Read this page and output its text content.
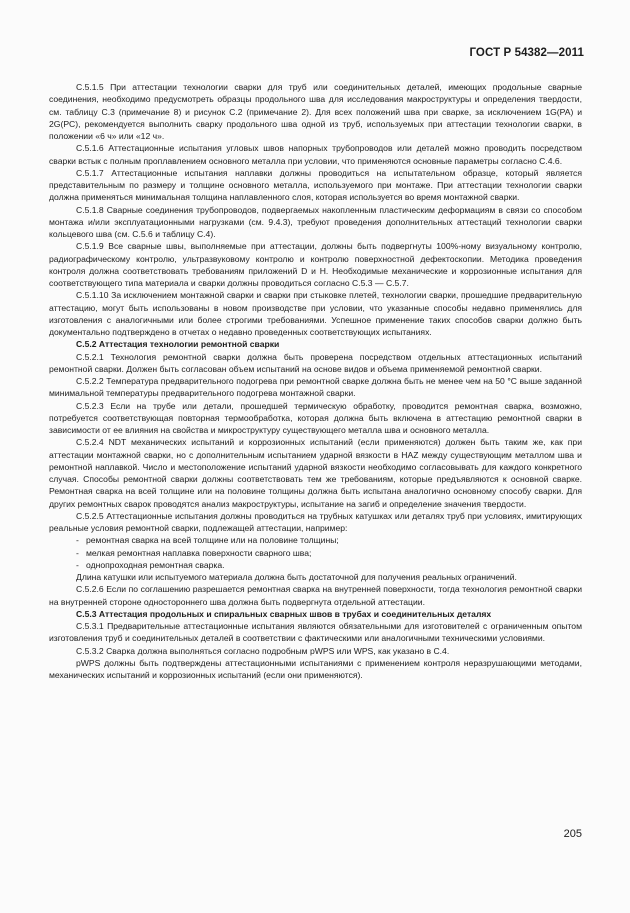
ГОСТ Р 54382—2011

C.5.1.5 При аттестации технологии сварки для труб или соединительных деталей, имеющих продольные сварные соединения, необходимо предусмотреть образцы продольного шва для исследования макроструктуры и определения твердости, см. таблицу C.3 (примечание 8) и рисунок C.2 (примечание 2). Для всех положений шва при сварке, за исключением 1G(PA) и 2G(PC), рекомендуется выполнить сварку продольного шва одной из труб, используемых при аттестации технологии сварки, в положении «6 ч» или «12 ч».

C.5.1.6 Аттестационные испытания угловых швов напорных трубопроводов или деталей можно проводить посредством сварки встык с полным проплавлением основного металла при условии, что применяются основные параметры согласно C.4.6.

C.5.1.7 Аттестационные испытания наплавки должны проводиться на испытательном образце, который является представительным по размеру и толщине основного металла, используемого при монтаже. При аттестации технологии сварки должна применяться минимальная толщина наплавленного слоя, которая используется во время монтажной сварки.

C.5.1.8 Сварные соединения трубопроводов, подвергаемых накопленным пластическим деформациям в связи со способом монтажа и/или эксплуатационными нагрузками (см. 9.4.3), требуют проведения дополнительных аттестаций технологии сварки кольцевого шва (см. C.5.6 и таблицу C.4).

C.5.1.9 Все сварные швы, выполняемые при аттестации, должны быть подвергнуты 100%-ному визуальному контролю, радиографическому контролю, ультразвуковому контролю и контролю поверхностной дефектоскопии. Методика проведения контроля должна соответствовать требованиям приложений D и H. Необходимые механические и коррозионные испытания для соответствующего типа материала и сварки должны проводиться согласно C.5.3 — C.5.7.

C.5.1.10 За исключением монтажной сварки и сварки при стыковке плетей, технологии сварки, прошедшие предварительную аттестацию, могут быть использованы в новом производстве при условии, что указанные способы недавно применялись для изготовления с аналогичными или более строгими требованиями. Успешное применение таких способов сварки должно быть документально подтверждено в отчетах о недавно проведенных соответствующих испытаниях.

C.5.2 Аттестация технологии ремонтной сварки

C.5.2.1 Технология ремонтной сварки должна быть проверена посредством отдельных аттестационных испытаний ремонтной сварки. Должен быть согласован объем испытаний на основе видов и объема применяемой ремонтной сварки.

C.5.2.2 Температура предварительного подогрева при ремонтной сварке должна быть не менее чем на 50 °C выше заданной минимальной температуры предварительного подогрева монтажной сварки.

C.5.2.3 Если на трубе или детали, прошедшей термическую обработку, проводится ремонтная сварка, возможно, потребуется соответствующая повторная термообработка, которая должна быть включена в аттестацию ремонтной сварки в зависимости от ее влияния на свойства и микроструктуру существующего металла шва и основного металла.

C.5.2.4 NDT механических испытаний и коррозионных испытаний (если применяются) должен быть таким же, как при аттестации монтажной сварки, но с дополнительным испытанием ударной вязкости в HAZ между существующим металлом шва и ремонтной наплавкой. Число и местоположение испытаний ударной вязкости необходимо согласовывать для каждого конкретного случая. Способы ремонтной сварки должны соответствовать тем же требованиям, которые предъявляются к основной сварке. Ремонтная сварка на всей толщине или на половине толщины должна быть испытана аналогично основному способу сварки. Для других ремонтных сварок проводятся анализ макроструктуры, испытание на загиб и определение значения твердости.

C.5.2.5 Аттестационные испытания должны проводиться на трубных катушках или деталях труб при условиях, имитирующих реальные условия ремонтной сварки, подлежащей аттестации, например:

- ремонтная сварка на всей толщине или на половине толщины;

- мелкая ремонтная наплавка поверхности сварного шва;

- однопроходная ремонтная сварка.

Длина катушки или испытуемого материала должна быть достаточной для получения реальных ограничений.

C.5.2.6 Если по соглашению разрешается ремонтная сварка на внутренней поверхности, тогда технология ремонтной сварки на внутренней стороне одностороннего шва должна быть подвергнута отдельной аттестации.

C.5.3 Аттестация продольных и спиральных сварных швов в трубах и соединительных деталях

C.5.3.1 Предварительные аттестационные испытания являются обязательными для изготовителей с ограниченным опытом изготовления труб и соединительных деталей в соответствии с фактическими или аналогичными техническими условиями.

C.5.3.2 Сварка должна выполняться согласно подробным pWPS или WPS, как указано в C.4.

pWPS должны быть подтверждены аттестационными испытаниями с применением контроля неразрушающими методами, механических испытаний и коррозионных испытаний (если они применяются).

205
